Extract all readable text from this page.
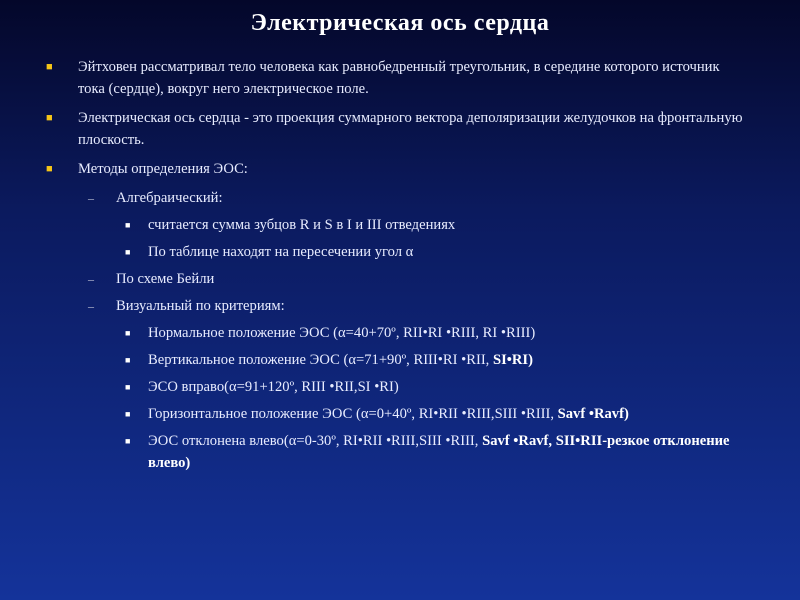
Электрическая ось сердца
■ Эйтховен рассматривал тело человека как равнобедренный треугольник, в середине которого источник тока (сердце), вокруг него электрическое поле.
■ Электрическая ось сердца - это проекция суммарного вектора деполяризации желудочков на фронтальную плоскость.
■ Методы определения ЭОС:
– Алгебраический:
■ считается сумма зубцов R и S в I и III отведениях
■ По таблице находят на пересечении угол α
– По схеме Бейли
– Визуальный по критериям:
■ Нормальное положение ЭОС (α=40+70º, RII•RI •RIII, RI •RIII)
■ Вертикальное положение ЭОС (α=71+90º, RIII•RI •RII, SI•RI)
■ ЭСО вправо(α=91+120º, RIII •RII,SI •RI)
■ Горизонтальное положение ЭОС (α=0+40º, RI•RII •RIII,SIII •RIII, Savf •Ravf)
■ ЭОС отклонена влево(α=0-30º, RI•RII •RIII,SIII •RIII, Savf •Ravf, SII•RII-резкое отклонение влево)
